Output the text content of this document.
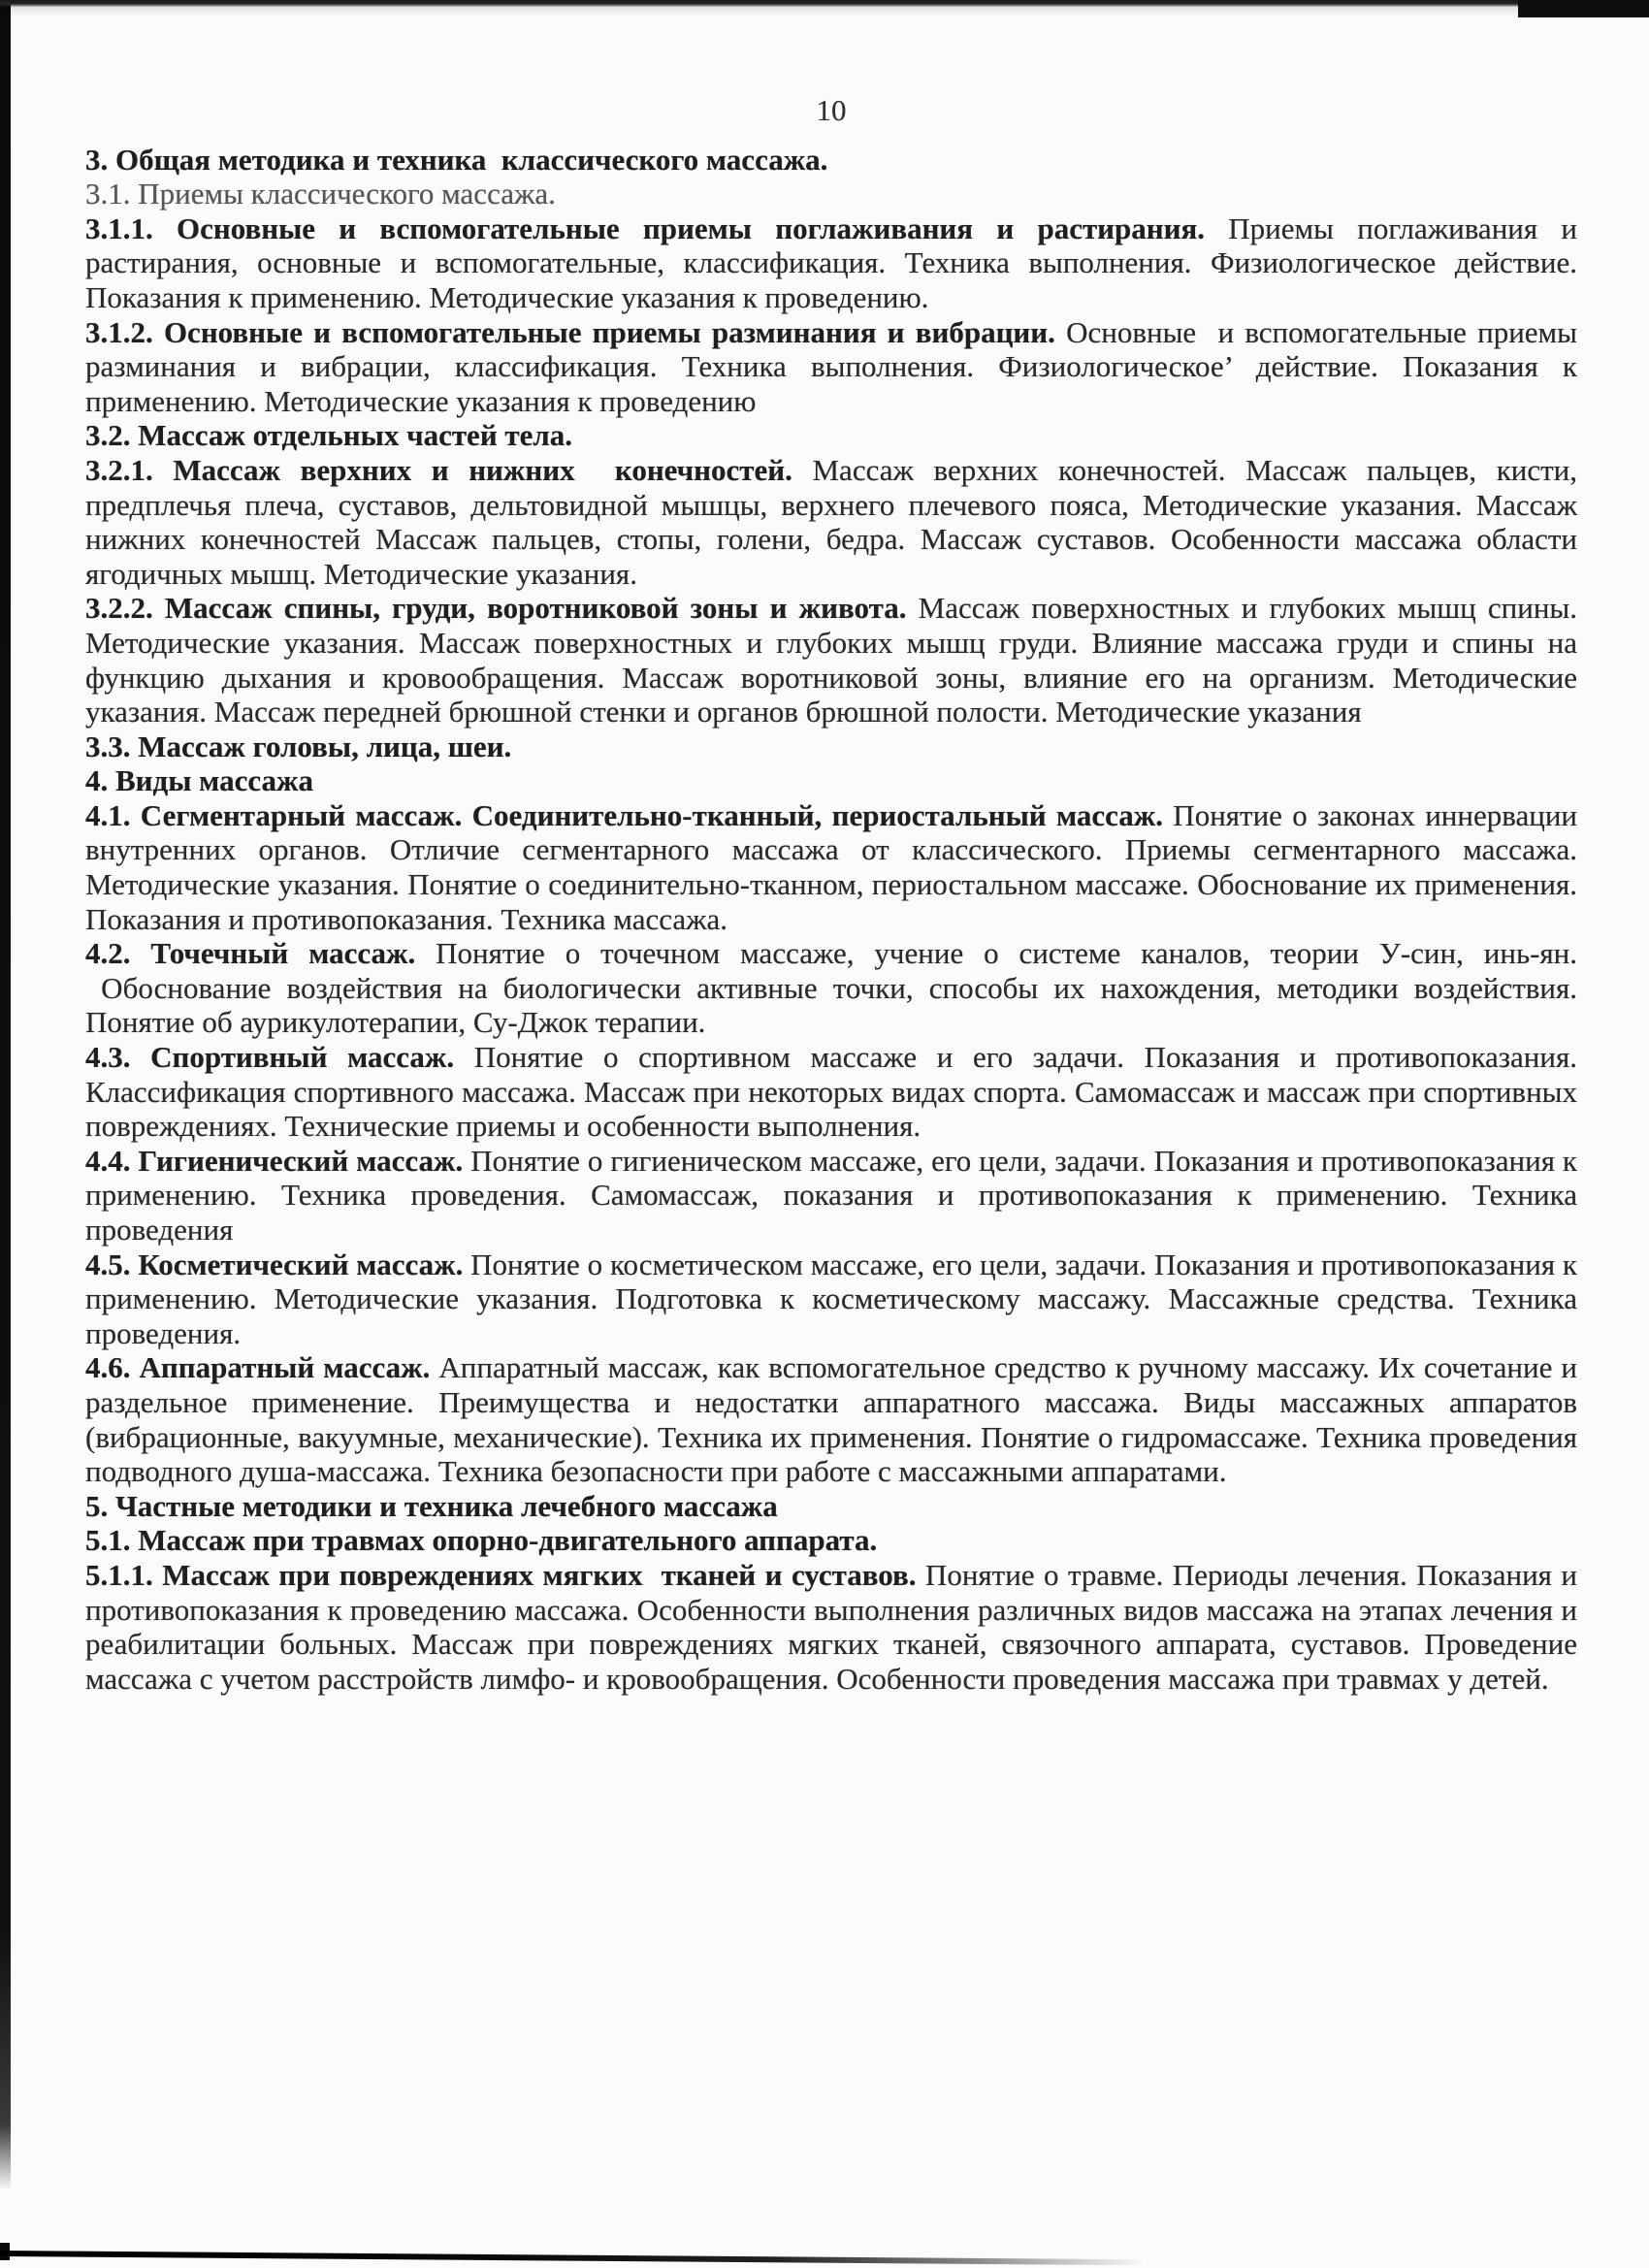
10

3. Общая методика и техника  классического массажа.

3.1. Приемы классического массажа.

3.1.1. Основные и вспомогательные приемы поглаживания и растирания. Приемы поглаживания и растирания, основные и вспомогательные, классификация. Техника выполнения. Физиологическое действие. Показания к применению. Методические указания к проведению.

3.1.2. Основные и вспомогательные приемы разминания и вибрации. Основные  и вспомогательные приемы разминания и вибрации, классификация. Техника выполнения. Физиологическое’ действие. Показания к применению. Методические указания к проведению

3.2. Массаж отдельных частей тела.

3.2.1. Массаж верхних и нижних  конечностей. Массаж верхних конечностей. Массаж пальцев, кисти, предплечья плеча, суставов, дельтовидной мышцы, верхнего плечевого пояса, Методические указания. Массаж нижних конечностей Массаж пальцев, стопы, голени, бедра. Массаж суставов. Особенности массажа области ягодичных мышц. Методические указания.

3.2.2. Массаж спины, груди, воротниковой зоны и живота. Массаж поверхностных и глубоких мышц спины. Методические указания. Массаж поверхностных и глубоких мышц груди. Влияние массажа груди и спины на функцию дыхания и кровообращения. Массаж воротниковой зоны, влияние его на организм. Методические указания. Массаж передней брюшной стенки и органов брюшной полости. Методические указания

3.3. Массаж головы, лица, шеи.

4. Виды массажа

4.1. Сегментарный массаж. Соединительно-тканный, периостальный массаж. Понятие о законах иннервации внутренних органов. Отличие сегментарного массажа от классического. Приемы сегментарного массажа. Методические указания. Понятие о соединительно-тканном, периостальном массаже. Обоснование их применения. Показания и противопоказания. Техника массажа.

4.2. Точечный массаж. Понятие о точечном массаже, учение о системе каналов, теории У-син, инь-ян.  Обоснование воздействия на биологически активные точки, способы их нахождения, методики воздействия. Понятие об аурикулотерапии, Су-Джок терапии.

4.3. Спортивный массаж. Понятие о спортивном массаже и его задачи. Показания и противопоказания. Классификация спортивного массажа. Массаж при некоторых видах спорта. Самомассаж и массаж при спортивных повреждениях. Технические приемы и особенности выполнения.

4.4. Гигиенический массаж. Понятие о гигиеническом массаже, его цели, задачи. Показания и противопоказания к применению. Техника проведения. Самомассаж, показания и противопоказания к применению. Техника проведения

4.5. Косметический массаж. Понятие о косметическом массаже, его цели, задачи. Показания и противопоказания к применению. Методические указания. Подготовка к косметическому массажу. Массажные средства. Техника проведения.

4.6. Аппаратный массаж. Аппаратный массаж, как вспомогательное средство к ручному массажу. Их сочетание и раздельное применение. Преимущества и недостатки аппаратного массажа. Виды массажных аппаратов (вибрационные, вакуумные, механические). Техника их применения. Понятие о гидромассаже. Техника проведения подводного душа-массажа. Техника безопасности при работе с массажными аппаратами.

5. Частные методики и техника лечебного массажа

5.1. Массаж при травмах опорно-двигательного аппарата.

5.1.1. Массаж при повреждениях мягких  тканей и суставов. Понятие о травме. Периоды лечения. Показания и противопоказания к проведению массажа. Особенности выполнения различных видов массажа на этапах лечения и реабилитации больных. Массаж при повреждениях мягких тканей, связочного аппарата, суставов. Проведение массажа с учетом расстройств лимфо- и кровообращения. Особенности проведения массажа при травмах у детей.
